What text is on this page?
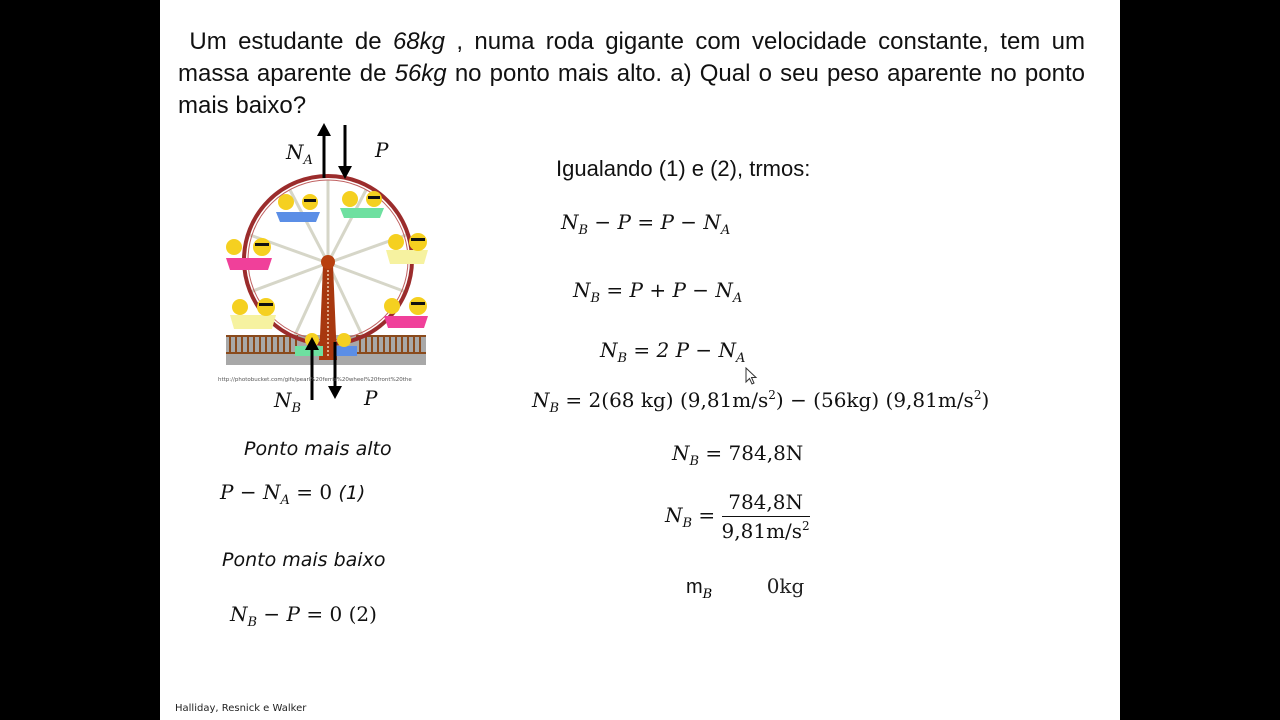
Um estudante de 68kg , numa roda gigante com velocidade constante, tem um massa aparente de 56kg no ponto mais alto. a) Qual o seu peso aparente no ponto mais baixo?
http://photobucket.com/gifs/pearl%20ferris%20wheel%20front%20the
$N_A$	P
$N_B$	P
Ponto mais alto
$P - N_A = 0$ (1)
Ponto mais baixo
$N_B - P = 0$ (2)
Igualando (1) e (2), trmos:
$N_B - P = P - N_A$
$N_B = P + P - N_A$
$N_B = 2$ $P - N_A$
$N_B = 2(68$ kg) $(9,81m/s^2) - (56kg)$ $(9,81m/s^2)$
$N_B = 784,8N$
$N_B = \frac{784,8N}{9,81m/s^2}$
$m_B$	0kg
Halliday, Resnick e Walker
